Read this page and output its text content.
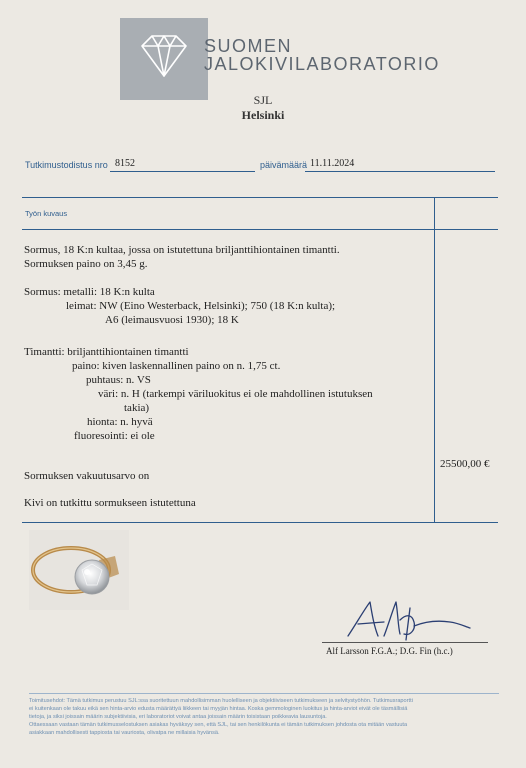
SUOMEN
JALOKIVILABORATORIO
SJL
Helsinki
Tutkimustodistus nro 8152	päivämäärä 11.11.2024
Työn kuvaus
Sormus, 18 K:n kultaa, jossa on istutettuna briljanttihiontainen timantti.
Sormuksen paino on 3,45 g.
Sormus: metalli: 18 K:n kulta
leimat: NW (Eino Westerback, Helsinki); 750 (18 K:n kulta);
A6 (leimausvuosi 1930); 18 K
Timantti: briljanttihiontainen timantti
paino: kiven laskennallinen paino on n. 1,75 ct.
puhtaus: n. VS
väri: n. H (tarkempi väriluokitus ei ole mahdollinen istutuksen
takia)
hionta: n. hyvä
fluoresointi: ei ole
Sormuksen vakuutusarvo on
25500,00 €
Kivi on tutkittu sormukseen istutettuna
Alf Larsson F.G.A.; D.G. Fin (h.c.)
Toimitusehdot: Tämä tutkimus perustuu SJL:ssa suoritettuun mahdollisimman huolelliseen ja objektiiviseen tutkimukseen ja selvitystyöhön. Tutkimusraportti
ei kuitenkaan ole takuu eikä sen hinta-arvio edusta määrättyä liikkeen tai myyjän hintaa. Koska gemmologinen luokitus ja hinta-arviot eivät ole täsmällisiä
tietoja, ja siksi joissain määrin subjektiivisia, eri laboratoriot voivat antaa joissain määrin toisistaan poikkeavia lausuntoja.
Ottaessaan vastaan tämän tutkimusselostuksen asiakas hyväksyy sen, että SJL, tai sen henkilökunta ei tämän tutkimuksen johdosta ota mitään vastuuta
asiakkaan mahdollisesti tappiosta tai vauriosta, olivatpa ne millaisia hyvänsä.
